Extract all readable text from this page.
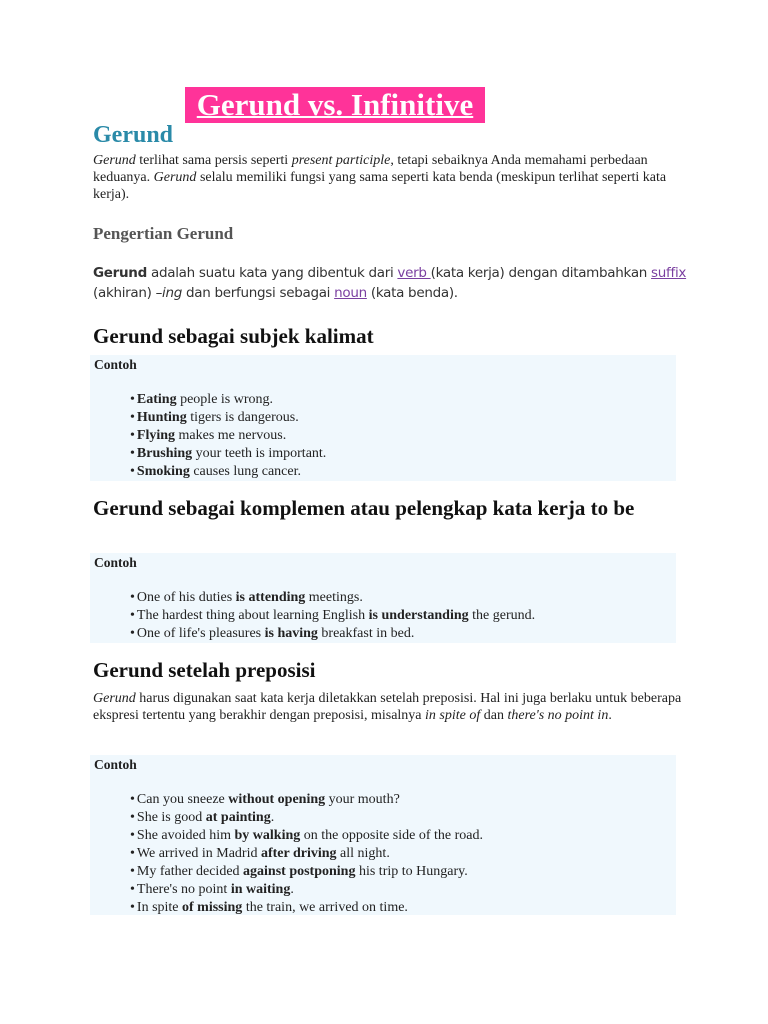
Gerund vs. Infinitive
Gerund
Gerund terlihat sama persis seperti present participle, tetapi sebaiknya Anda memahami perbedaan keduanya. Gerund selalu memiliki fungsi yang sama seperti kata benda (meskipun terlihat seperti kata kerja).
Pengertian Gerund
Gerund adalah suatu kata yang dibentuk dari verb (kata kerja) dengan ditambahkan suffix (akhiran) –ing dan berfungsi sebagai noun (kata benda).
Gerund sebagai subjek kalimat
Contoh
• Eating people is wrong.
• Hunting tigers is dangerous.
• Flying makes me nervous.
• Brushing your teeth is important.
• Smoking causes lung cancer.
Gerund sebagai komplemen atau pelengkap kata kerja to be
Contoh
• One of his duties is attending meetings.
• The hardest thing about learning English is understanding the gerund.
• One of life's pleasures is having breakfast in bed.
Gerund setelah preposisi
Gerund harus digunakan saat kata kerja diletakkan setelah preposisi. Hal ini juga berlaku untuk beberapa ekspresi tertentu yang berakhir dengan preposisi, misalnya in spite of dan there's no point in.
Contoh
• Can you sneeze without opening your mouth?
• She is good at painting.
• She avoided him by walking on the opposite side of the road.
• We arrived in Madrid after driving all night.
• My father decided against postponing his trip to Hungary.
• There's no point in waiting.
• In spite of missing the train, we arrived on time.
